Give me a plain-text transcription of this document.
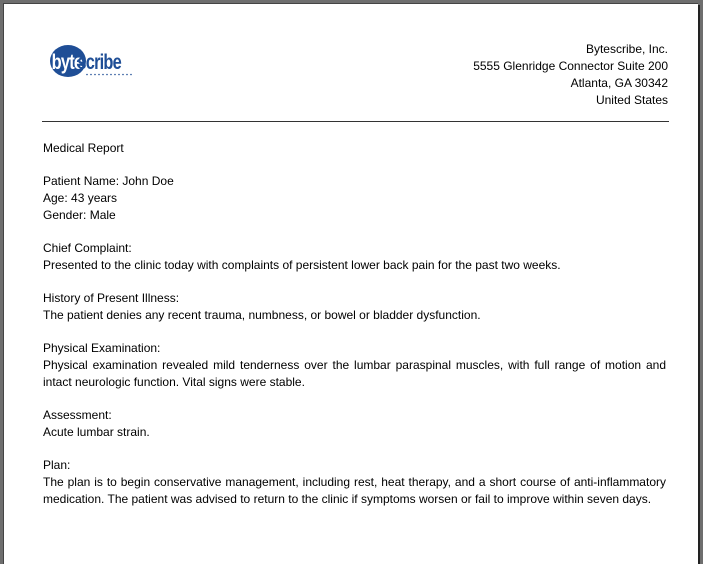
byte
scribe
Bytescribe, Inc.
5555 Glenridge Connector Suite 200
Atlanta, GA 30342
United States
Medical Report
Patient Name: John Doe
Age: 43 years
Gender: Male
Chief Complaint:
Presented to the clinic today with complaints of persistent lower back pain for the past two weeks.
History of Present Illness:
The patient denies any recent trauma, numbness, or bowel or bladder dysfunction.
Physical Examination:
Physical examination revealed mild tenderness over the lumbar paraspinal muscles, with full range of motion and intact neurologic function. Vital signs were stable.
Assessment:
Acute lumbar strain.
Plan:
The plan is to begin conservative management, including rest, heat therapy, and a short course of anti-inflammatory medication. The patient was advised to return to the clinic if symptoms worsen or fail to improve within seven days.
